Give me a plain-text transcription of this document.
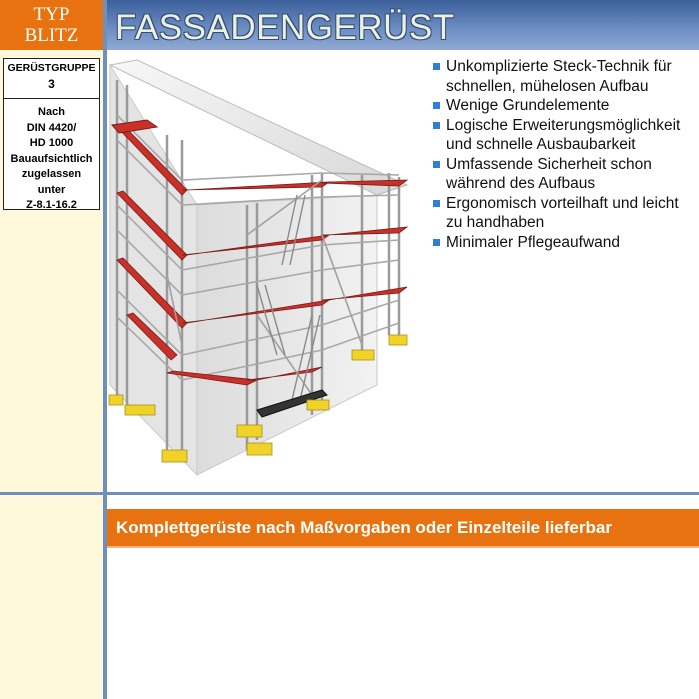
TYP
BLITZ
GERÜSTGRUPPE
3
Nach
DIN 4420/
HD 1000
Bauaufsichtlich
zugelassen
unter
Z-8.1-16.2
FASSADENGERÜST
Unkomplizierte Steck-Technik für schnellen, mühelosen Aufbau
Wenige Grundelemente
Logische Erweiterungsmöglichkeit und schnelle Ausbaubarkeit
Umfassende Sicherheit schon während des Aufbaus
Ergonomisch vorteilhaft und leicht zu handhaben
Minimaler Pflegeaufwand
Komplettgerüste nach Maßvorgaben oder Einzelteile lieferbar
